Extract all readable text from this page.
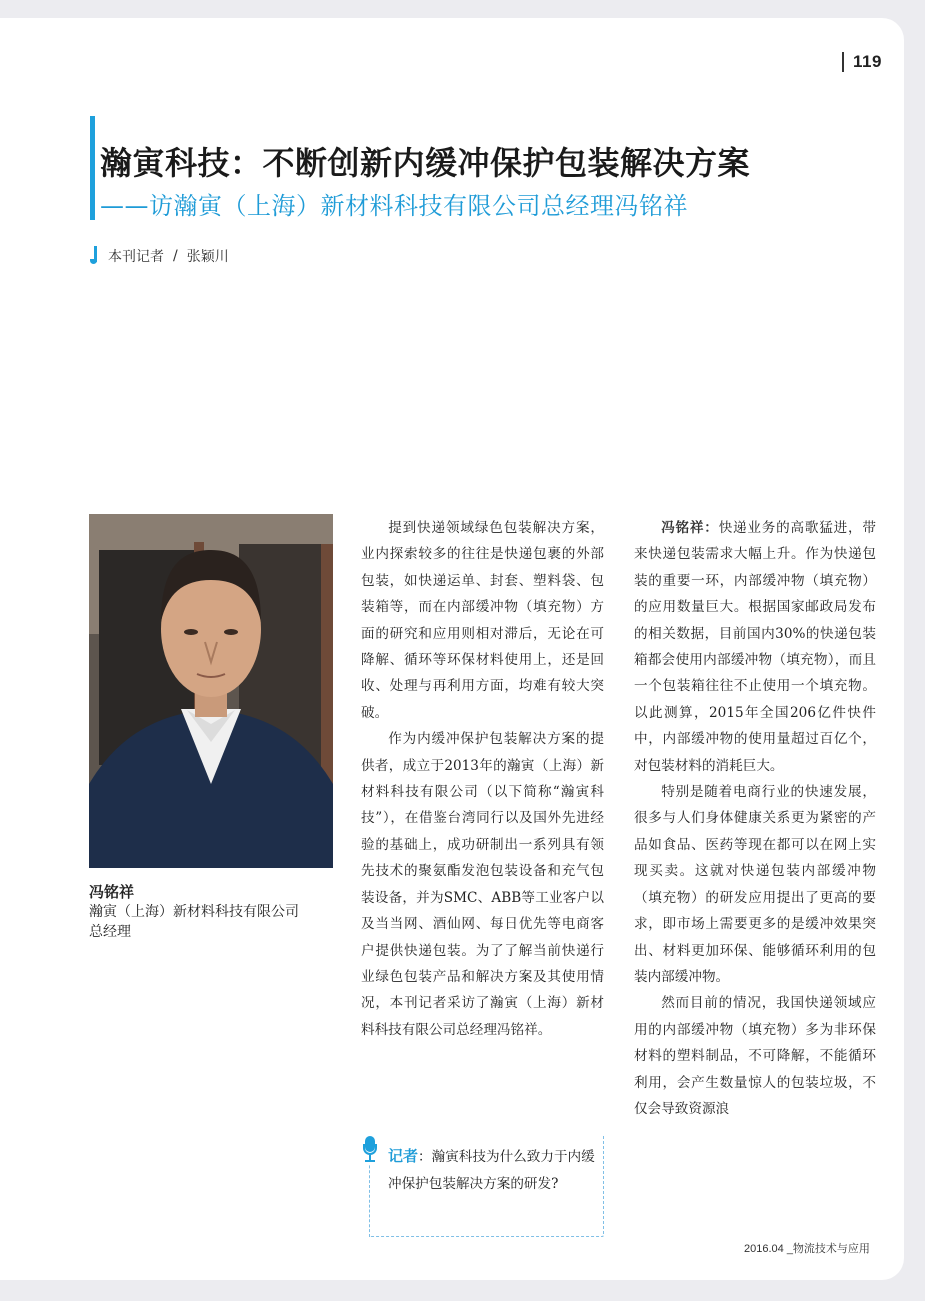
119
瀚寅科技：不断创新内缓冲保护包装解决方案
——访瀚寅（上海）新材料科技有限公司总经理冯铭祥
本刊记者 / 张颖川
冯铭祥
瀚寅（上海）新材料科技有限公司
总经理

提到快递领域绿色包装解决方案，业内探索较多的往往是快递包裹的外部包装，如快递运单、封套、塑料袋、包装箱等，而在内部缓冲物（填充物）方面的研究和应用则相对滞后，无论在可降解、循环等环保材料使用上，还是回收、处理与再利用方面，均难有较大突破。

作为内缓冲保护包装解决方案的提供者，成立于2013年的瀚寅（上海）新材料科技有限公司（以下简称“瀚寅科技”），在借鉴台湾同行以及国外先进经验的基础上，成功研制出一系列具有领先技术的聚氨酯发泡包装设备和充气包装设备，并为SMC、ABB等工业客户以及当当网、酒仙网、每日优先等电商客户提供快递包装。为了了解当前快递行业绿色包装产品和解决方案及其使用情况，本刊记者采访了瀚寅（上海）新材料科技有限公司总经理冯铭祥。

记者：瀚寅科技为什么致力于内缓冲保护包装解决方案的研发?

冯铭祥：快递业务的高歌猛进，带来快递包装需求大幅上升。作为快递包装的重要一环，内部缓冲物（填充物）的应用数量巨大。根据国家邮政局发布的相关数据，目前国内30%的快递包装箱都会使用内部缓冲物（填充物），而且一个包装箱往往不止使用一个填充物。以此测算，2015年全国206亿件快件中，内部缓冲物的使用量超过百亿个，对包装材料的消耗巨大。

特别是随着电商行业的快速发展，很多与人们身体健康关系更为紧密的产品如食品、医药等现在都可以在网上实现买卖。这就对快递包装内部缓冲物（填充物）的研发应用提出了更高的要求，即市场上需要更多的是缓冲效果突出、材料更加环保、能够循环利用的包装内部缓冲物。

然而目前的情况，我国快递领域应用的内部缓冲物（填充物）多为非环保材料的塑料制品，不可降解，不能循环利用，会产生数量惊人的包装垃圾，不仅会导致资源浪

2016.04 _物流技术与应用
